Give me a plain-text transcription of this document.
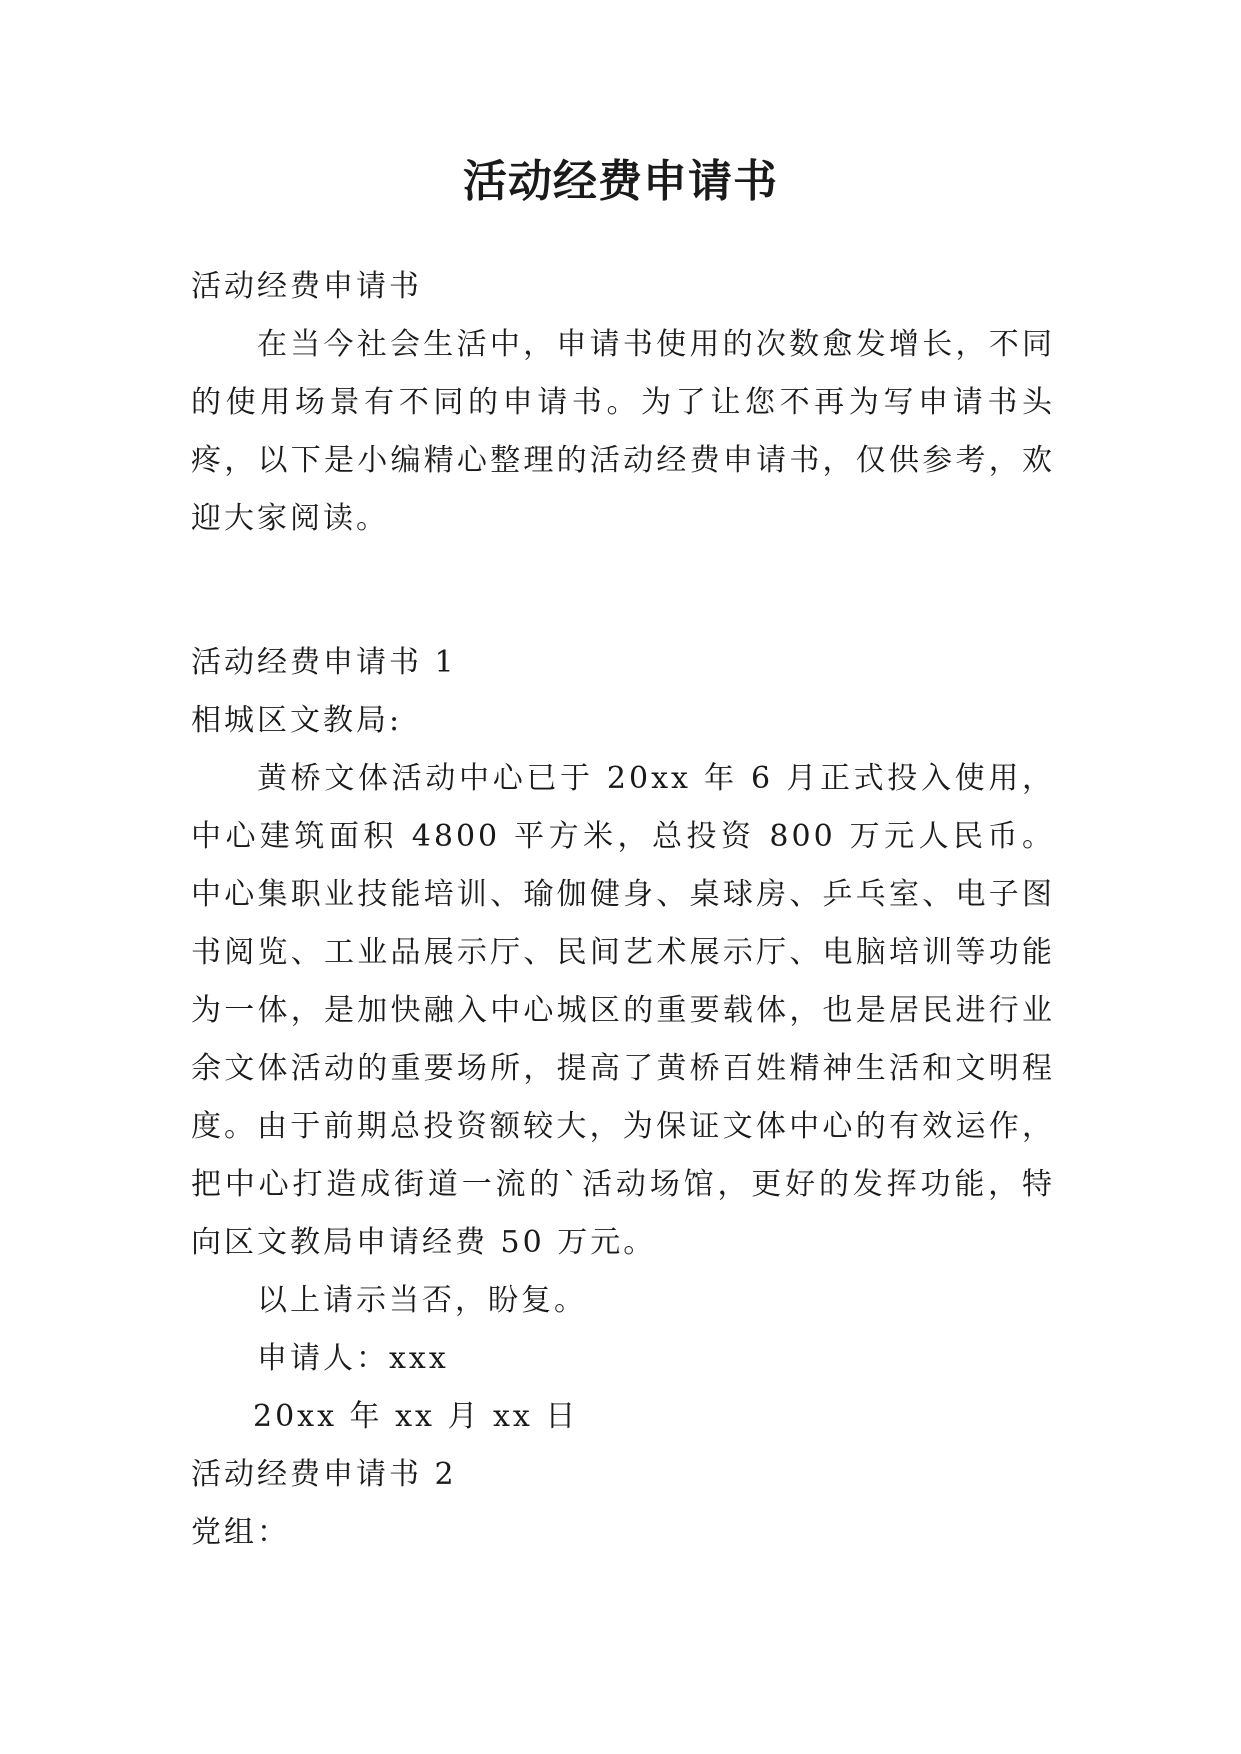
活动经费申请书

活动经费申请书

在当今社会生活中，申请书使用的次数愈发增长，不同的使用场景有不同的申请书。为了让您不再为写申请书头疼，以下是小编精心整理的活动经费申请书，仅供参考，欢迎大家阅读。

活动经费申请书 1

相城区文教局:

黄桥文体活动中心已于 20xx 年 6 月正式投入使用，中心建筑面积 4800 平方米，总投资 800 万元人民币。中心集职业技能培训、瑜伽健身、桌球房、乒乓室、电子图书阅览、工业品展示厅、民间艺术展示厅、电脑培训等功能为一体，是加快融入中心城区的重要载体，也是居民进行业余文体活动的重要场所，提高了黄桥百姓精神生活和文明程度。 由于前期总投资额较大，为保证文体中心的有效运作，把中心打造成街道一流的`活动场馆，更好的发挥功能，特向区文教局申请经费 50 万元。

以上请示当否，盼复。

申请人：xxx

20xx 年 xx 月 xx 日

活动经费申请书 2

党组：
